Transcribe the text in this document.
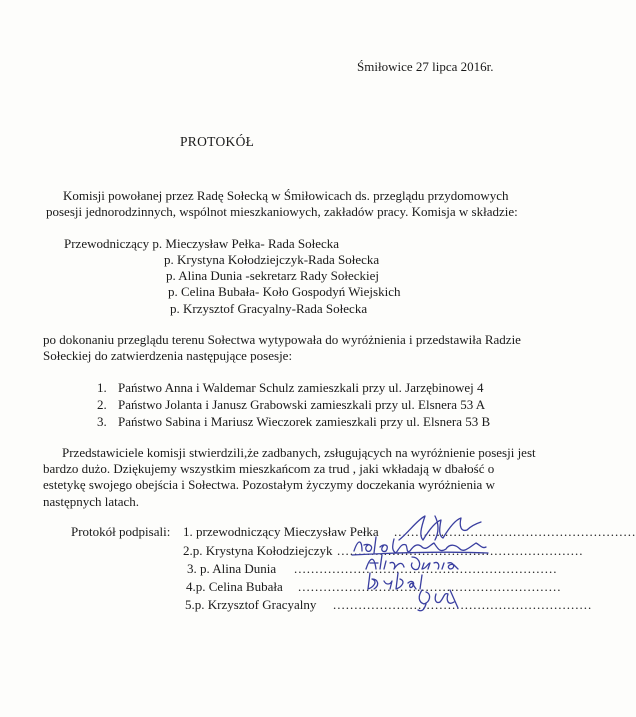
Śmiłowice 27 lipca 2016r.
PROTOKÓŁ
Komisji powołanej przez Radę Sołecką w Śmiłowicach ds. przeglądu przydomowych
posesji jednorodzinnych, wspólnot mieszkaniowych, zakładów pracy. Komisja w składzie:
Przewodniczący p. Mieczysław Pełka- Rada Sołecka
p. Krystyna Kołodziejczyk-Rada Sołecka
p. Alina Dunia -sekretarz Rady Sołeckiej
p. Celina Bubała- Koło Gospodyń Wiejskich
p. Krzysztof Gracyalny-Rada Sołecka
po dokonaniu przeglądu terenu Sołectwa wytypowała do wyróżnienia i przedstawiła Radzie
Sołeckiej do zatwierdzenia następujące posesje:
1. Państwo Anna i Waldemar Schulz zamieszkali przy ul. Jarzębinowej 4
2. Państwo Jolanta i Janusz Grabowski zamieszkali przy ul. Elsnera 53 A
3. Państwo Sabina i Mariusz Wieczorek zamieszkali przy ul. Elsnera 53 B
Przedstawiciele komisji stwierdzili,że zadbanych, zsługujących na wyróżnienie posesji jest
bardzo dużo. Dziękujemy wszystkim mieszkańcom za trud , jaki wkładają w dbałość o
estetykę swojego obejścia i Sołectwa. Pozostałym życzymy doczekania wyróżnienia w
następnych latach.
Protokół podpisali: 1. przewodniczący Mieczysław Pełka .........................................................
2.p. Krystyna Kołodziejczyk ..........................................................
3. p. Alina Dunia ..............................................................
4.p. Celina Bubała ..............................................................
5.p. Krzysztof Gracyalny .............................................................
